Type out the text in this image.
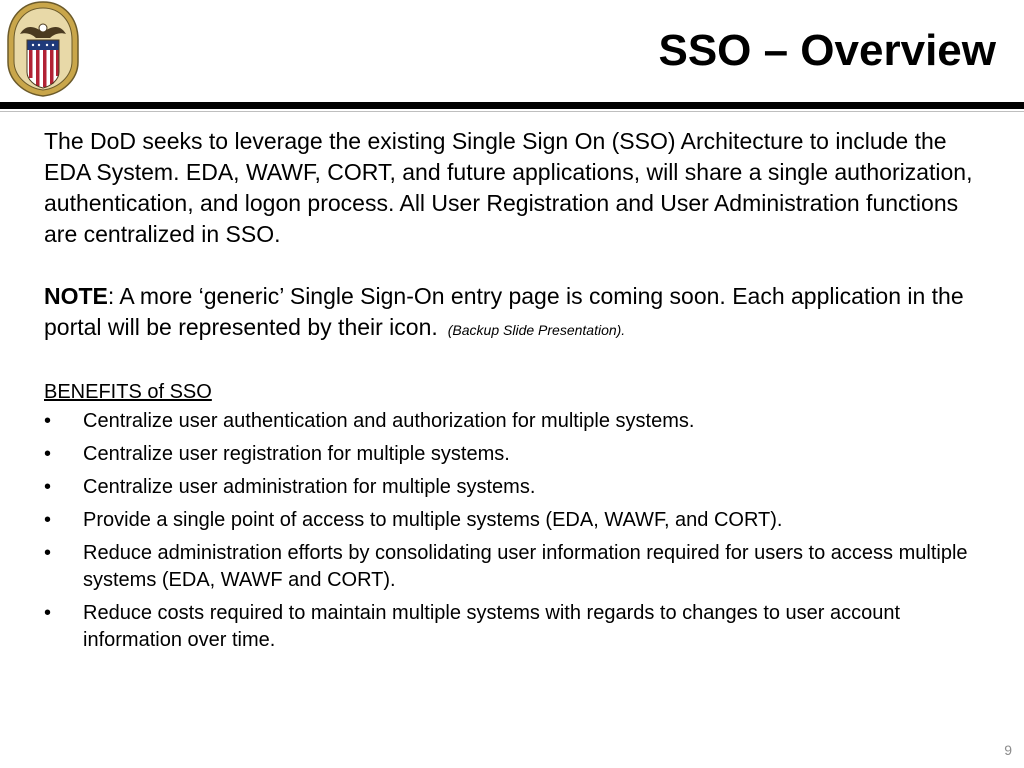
SSO – Overview

The DoD seeks to leverage the existing Single Sign On (SSO) Architecture to include the EDA System. EDA, WAWF, CORT, and future applications, will share a single authorization, authentication, and logon process. All User Registration and User Administration functions are centralized in SSO.

NOTE: A more ‘generic’ Single Sign-On entry page is coming soon. Each application in the portal will be represented by their icon. (Backup Slide Presentation).

BENEFITS of SSO
• Centralize user authentication and authorization for multiple systems.
• Centralize user registration for multiple systems.
• Centralize user administration for multiple systems.
• Provide a single point of access to multiple systems (EDA, WAWF, and CORT).
• Reduce administration efforts by consolidating user information required for users to access multiple systems (EDA, WAWF and CORT).
• Reduce costs required to maintain multiple systems with regards to changes to user account information over time.
9
